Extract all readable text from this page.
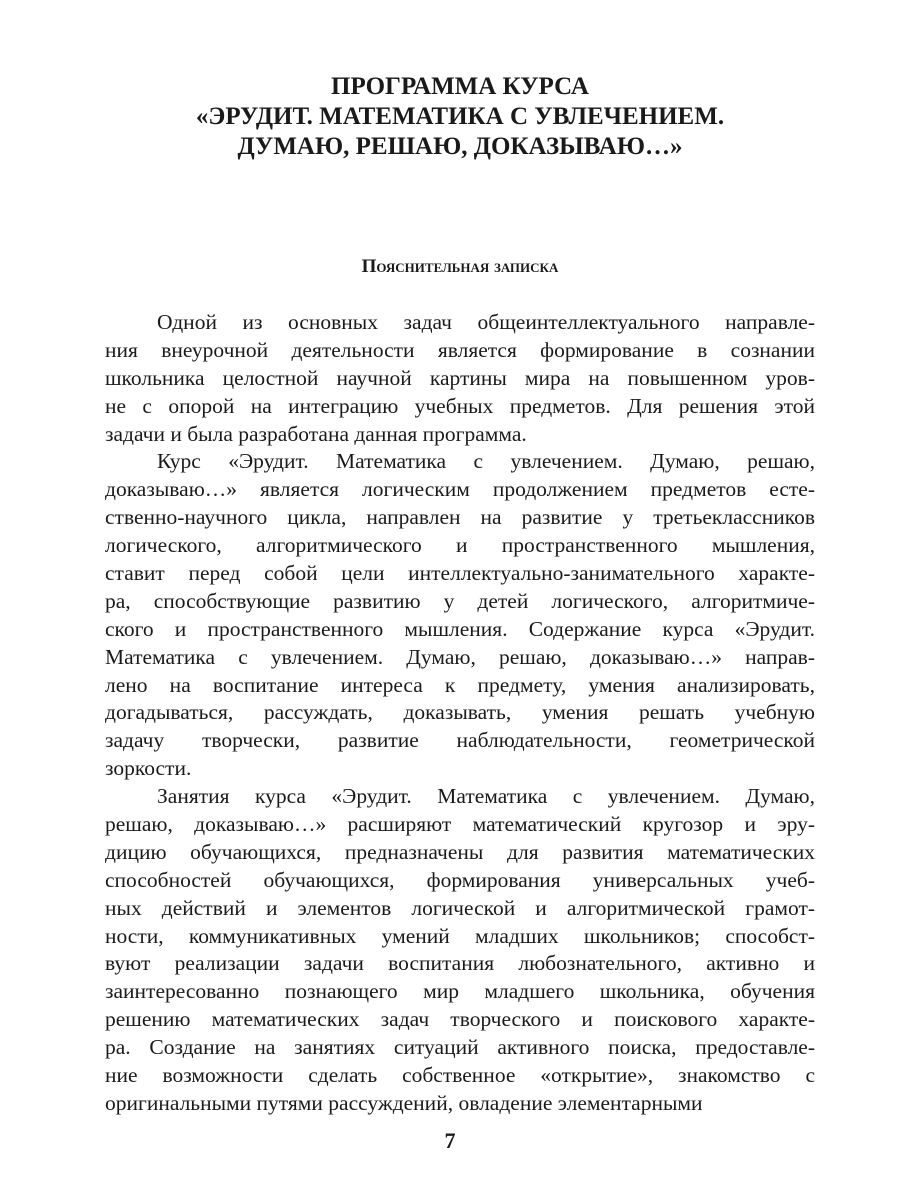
ПРОГРАММА КУРСА
«ЭРУДИТ. МАТЕМАТИКА С УВЛЕЧЕНИЕМ.
ДУМАЮ, РЕШАЮ, ДОКАЗЫВАЮ…»
Пояснительная записка
Одной из основных задач общеинтеллектуального направле-
ния внеурочной деятельности является формирование в сознании
школьника целостной научной картины мира на повышенном уров-
не с опорой на интеграцию учебных предметов. Для решения этой
задачи и была разработана данная программа.
Курс «Эрудит. Математика с увлечением. Думаю, решаю,
доказываю…» является логическим продолжением предметов есте-
ственно-научного цикла, направлен на развитие у третьеклассников
логического, алгоритмического и пространственного мышления,
ставит перед собой цели интеллектуально-занимательного характе-
ра, способствующие развитию у детей логического, алгоритмиче-
ского и пространственного мышления. Содержание курса «Эрудит.
Математика с увлечением. Думаю, решаю, доказываю…» направ-
лено на воспитание интереса к предмету, умения анализировать,
догадываться, рассуждать, доказывать, умения решать учебную
задачу творчески, развитие наблюдательности, геометрической
зоркости.
Занятия курса «Эрудит. Математика с увлечением. Думаю,
решаю, доказываю…» расширяют математический кругозор и эру-
дицию обучающихся, предназначены для развития математических
способностей обучающихся, формирования универсальных учеб-
ных действий и элементов логической и алгоритмической грамот-
ности, коммуникативных умений младших школьников; способст-
вуют реализации задачи воспитания любознательного, активно и
заинтересованно познающего мир младшего школьника, обучения
решению математических задач творческого и поискового характе-
ра. Создание на занятиях ситуаций активного поиска, предоставле-
ние возможности сделать собственное «открытие», знакомство с
оригинальными путями рассуждений, овладение элементарными
7
